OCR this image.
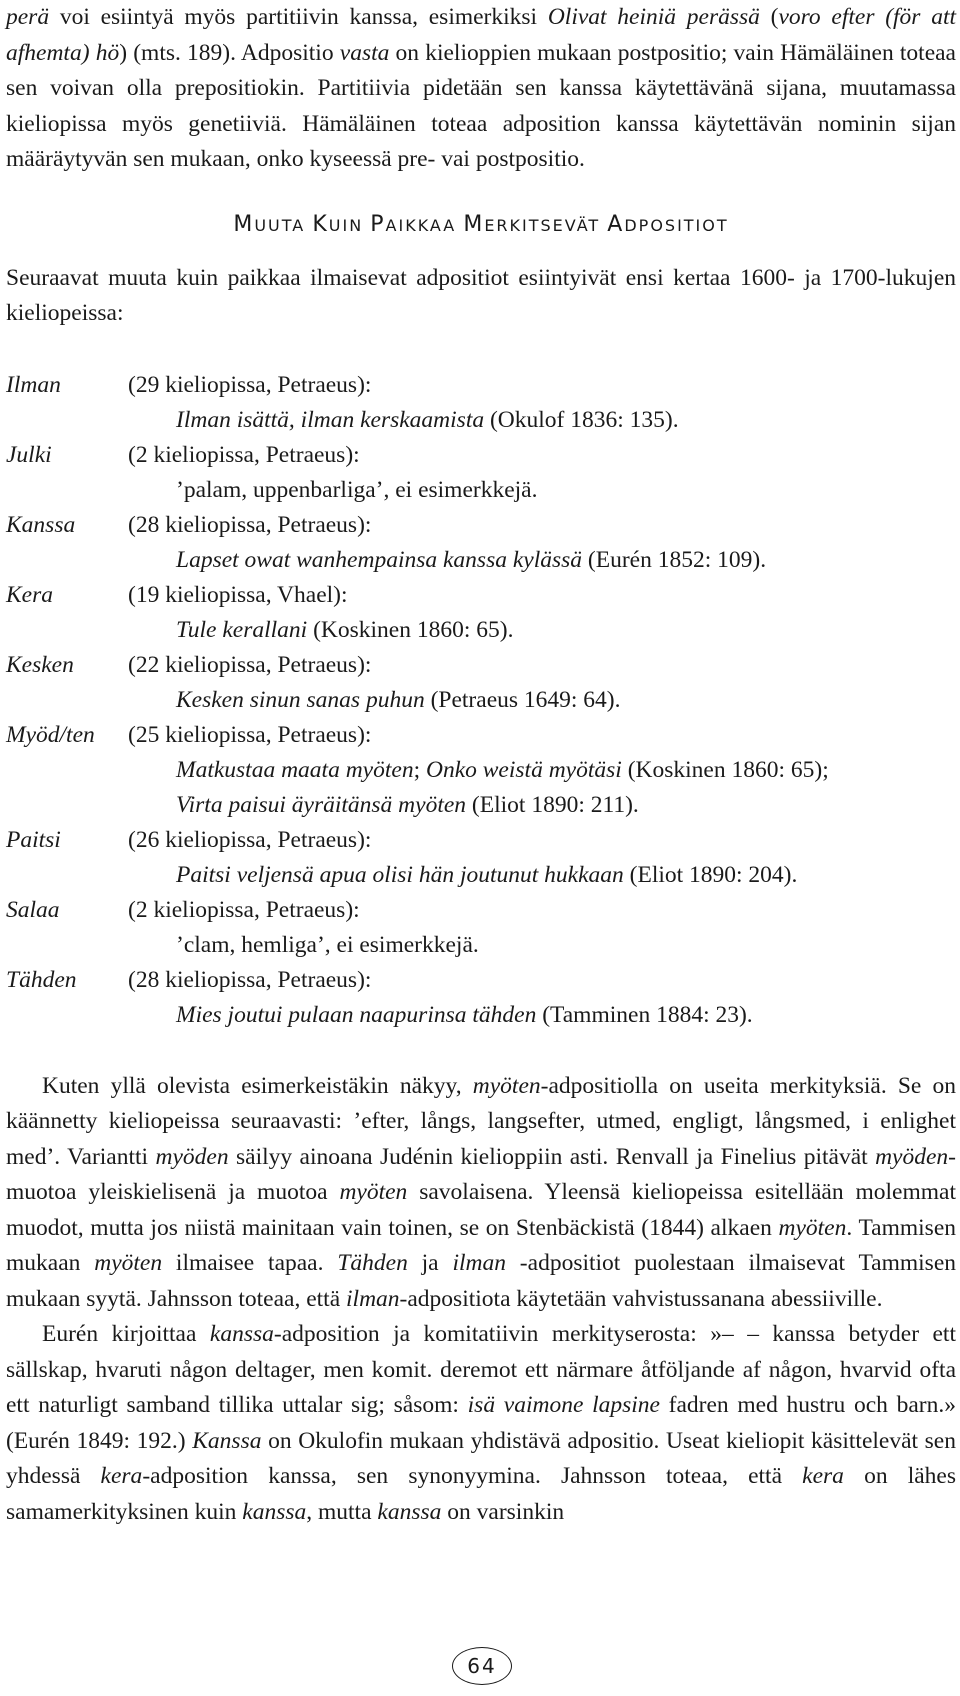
perä voi esiintyä myös partitiivin kanssa, esimerkiksi Olivat heiniä perässä (voro efter (för att afhemta) hö) (mts. 189). Adpositio vasta on kielioppien mukaan postpositio; vain Hämäläinen toteaa sen voivan olla prepositiokin. Partitiivia pidetään sen kanssa käytettävänä sijana, muutamassa kieliopissa myös genetiiviä. Hämäläinen toteaa adposition kanssa käytettävän nominin sijan määräytyvän sen mukaan, onko kyseessä pre- vai postpositio.

MUUTA KUIN PAIKKAA MERKITSEVÄT ADPOSITIOT

Seuraavat muuta kuin paikkaa ilmaisevat adpositiot esiintyivät ensi kertaa 1600- ja 1700-lukujen kieliopeissa:

Ilman	(29 kieliopissa, Petraeus):
Ilman isättä, ilman kerskaamista (Okulof 1836: 135).
Julki	(2 kieliopissa, Petraeus):
’palam, uppenbarliga’, ei esimerkkejä.
Kanssa	(28 kieliopissa, Petraeus):
Lapset owat wanhempainsa kanssa kylässä (Eurén 1852: 109).
Kera	(19 kieliopissa, Vhael):
Tule kerallani (Koskinen 1860: 65).
Kesken	(22 kieliopissa, Petraeus):
Kesken sinun sanas puhun (Petraeus 1649: 64).
Myöd/ten	(25 kieliopissa, Petraeus):
Matkustaa maata myöten; Onko weistä myötäsi (Koskinen 1860: 65);
Virta paisui äyräitänsä myöten (Eliot 1890: 211).
Paitsi	(26 kieliopissa, Petraeus):
Paitsi veljensä apua olisi hän joutunut hukkaan (Eliot 1890: 204).
Salaa	(2 kieliopissa, Petraeus):
’clam, hemliga’, ei esimerkkejä.
Tähden	(28 kieliopissa, Petraeus):
Mies joutui pulaan naapurinsa tähden (Tamminen 1884: 23).

Kuten yllä olevista esimerkeistäkin näkyy, myöten-adpositiolla on useita merkityksiä. Se on käännetty kieliopeissa seuraavasti: ’efter, långs, langsefter, utmed, engligt, långsmed, i enlighet med’. Variantti myöden säilyy ainoana Judénin kielioppiin asti. Renvall ja Finelius pitävät myöden-muotoa yleiskielisenä ja muotoa myöten savolaisena. Yleensä kieliopeissa esitellään molemmat muodot, mutta jos niistä mainitaan vain toinen, se on Stenbäckistä (1844) alkaen myöten. Tammisen mukaan myöten ilmaisee tapaa. Tähden ja ilman -adpositiot puolestaan ilmaisevat Tammisen mukaan syytä. Jahnsson toteaa, että ilman-adpositiota käytetään vahvistussanana abessiiville.

Eurén kirjoittaa kanssa-adposition ja komitatiivin merkityserosta: »– – kanssa betyder ett sällskap, hvaruti någon deltager, men komit. deremot ett närmare åtföljande af någon, hvarvid ofta ett naturligt samband tillika uttalar sig; såsom: isä vaimone lapsine fadren med hustru och barn.» (Eurén 1849: 192.) Kanssa on Okulofin mukaan yhdistävä adpositio. Useat kieliopit käsittelevät sen yhdessä kera-adposition kanssa, sen synonyymina. Jahnsson toteaa, että kera on lähes samamerkityksinen kuin kanssa, mutta kanssa on varsinkin

64
